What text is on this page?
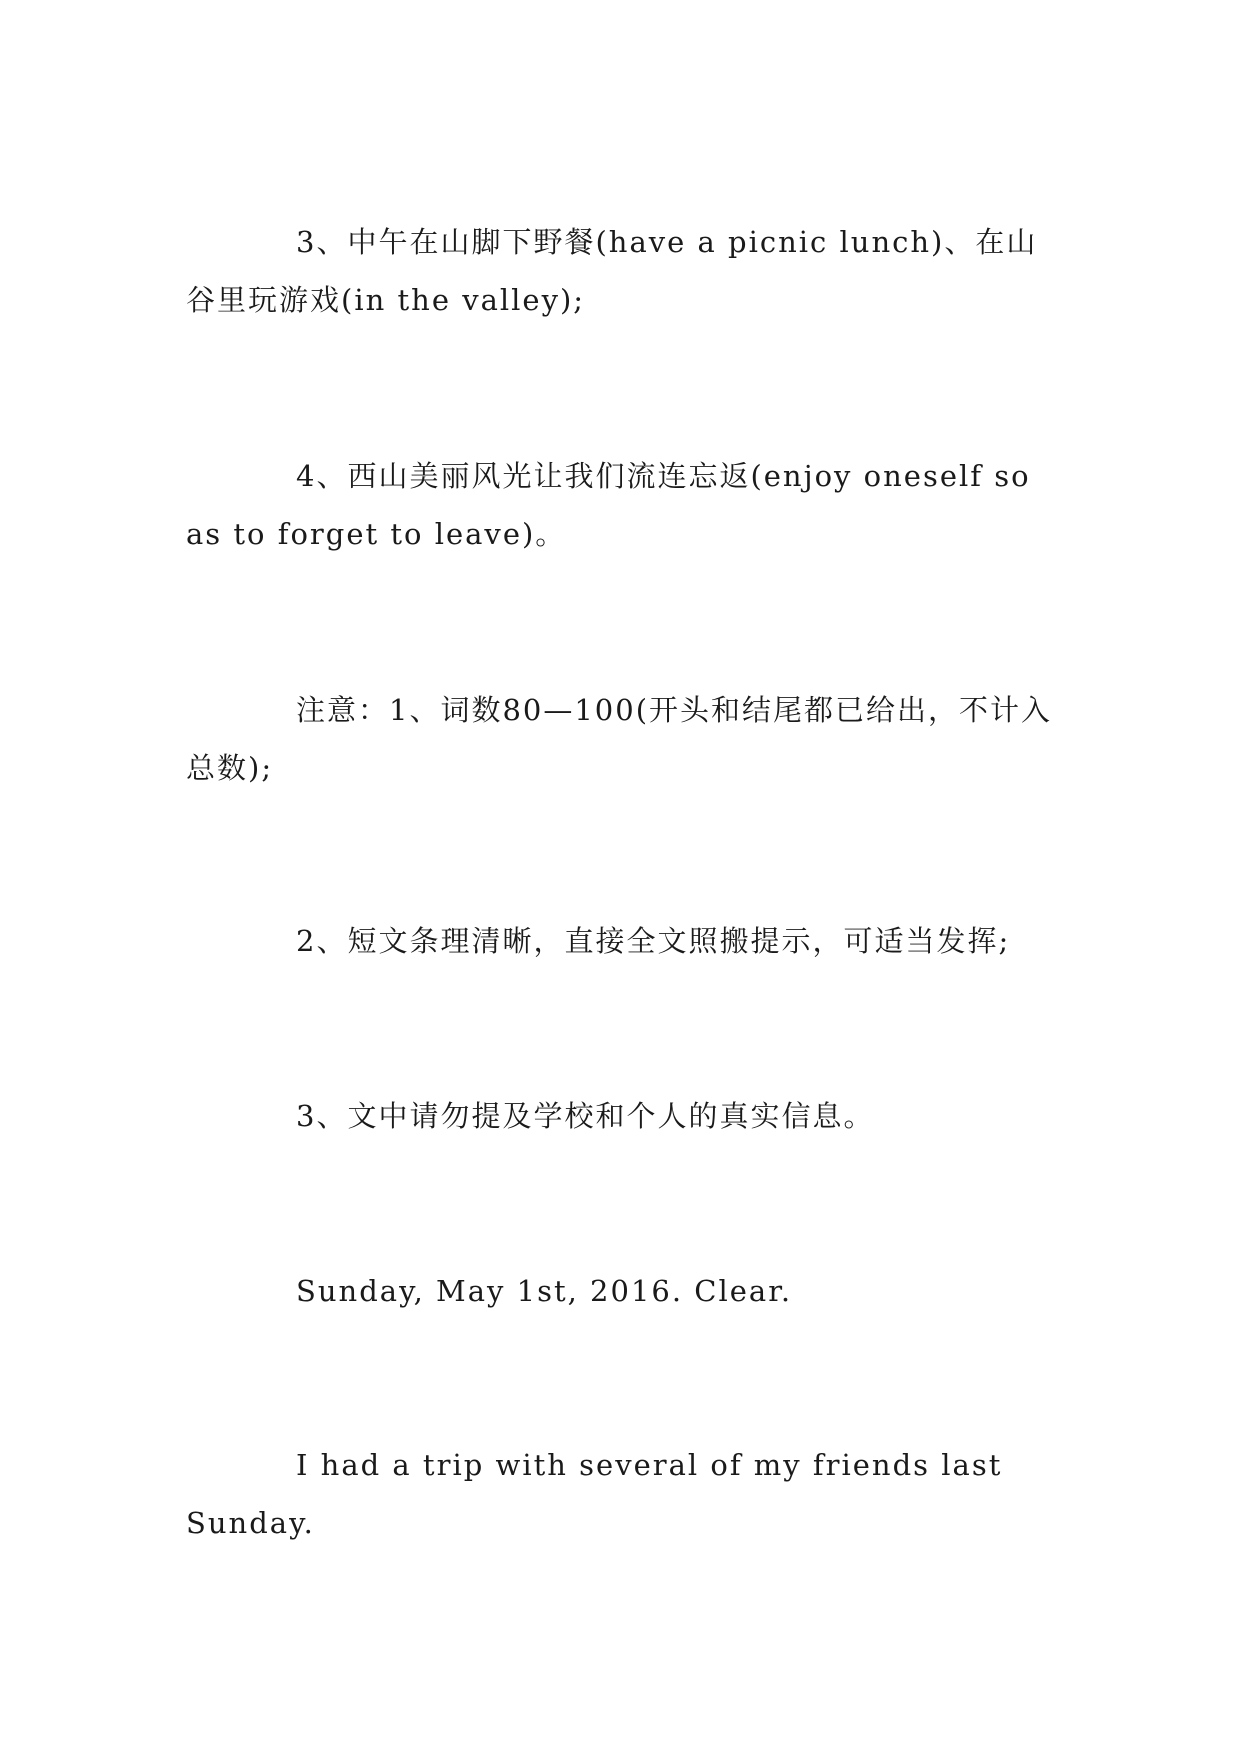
3、中午在山脚下野餐(have a picnic lunch)、在山谷里玩游戏(in the valley);

4、西山美丽风光让我们流连忘返(enjoy oneself so as to forget to leave)。

注意：1、词数80—100(开头和结尾都已给出，不计入总数);

2、短文条理清晰，直接全文照搬提示，可适当发挥;

3、文中请勿提及学校和个人的真实信息。

Sunday, May 1st, 2016. Clear.

I had a trip with several of my friends last Sunday.
